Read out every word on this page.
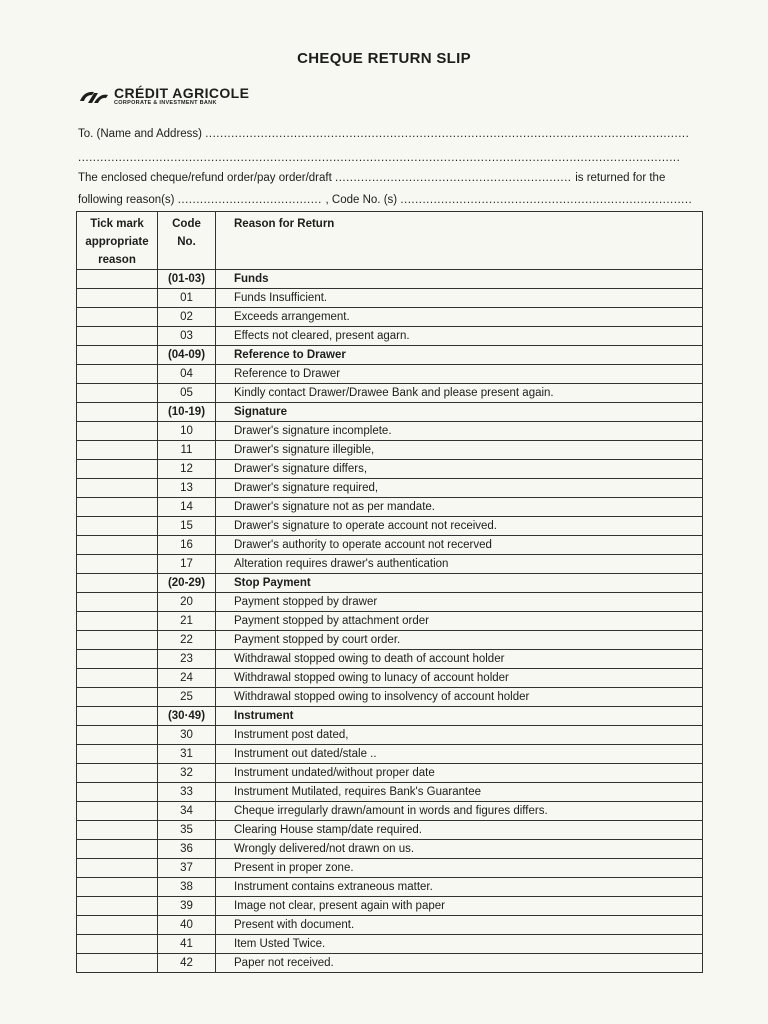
CHEQUE RETURN SLIP
CRÉDIT AGRICOLE
CORPORATE & INVESTMENT BANK
To. (Name and Address) ...................................................................................................................................
...................................................................................................................................................................
The enclosed cheque/refund order/pay order/draft ................................................................ is returned for the
following reason(s) ....................................... , Code No. (s) ...............................................................................
Tick mark appropriate reason	Code No.	Reason for Return
	(01-03)	Funds
	01	Funds Insufficient.
	02	Exceeds arrangement.
	03	Effects not cleared, present agarn.
	(04-09)	Reference to Drawer
	04	Reference to Drawer
	05	Kindly contact Drawer/Drawee Bank and please present again.
	(10-19)	Signature
	10	Drawer's signature incomplete.
	11	Drawer's signature illegible,
	12	Drawer's signature differs,
	13	Drawer's signature required,
	14	Drawer's signature not as per mandate.
	15	Drawer's signature to operate account not received.
	16	Drawer's authority to operate account not recerved
	17	Alteration requires drawer's authentication
	(20-29)	Stop Payment
	20	Payment stopped by drawer
	21	Payment stopped by attachment order
	22	Payment stopped by court order.
	23	Withdrawal stopped owing to death of account holder
	24	Withdrawal stopped owing to lunacy of account holder
	25	Withdrawal stopped owing to insolvency of account holder
	(30·49)	Instrument
	30	Instrument post dated,
	31	Instrument out dated/stale ..
	32	Instrument undated/without proper date
	33	Instrument Mutilated, requires Bank's Guarantee
	34	Cheque irregularly drawn/amount in words and figures differs.
	35	Clearing House stamp/date required.
	36	Wrongly delivered/not drawn on us.
	37	Present in proper zone.
	38	Instrument contains extraneous matter.
	39	Image not clear, present again with paper
	40	Present with document.
	41	Item Usted Twice.
	42	Paper not received.
